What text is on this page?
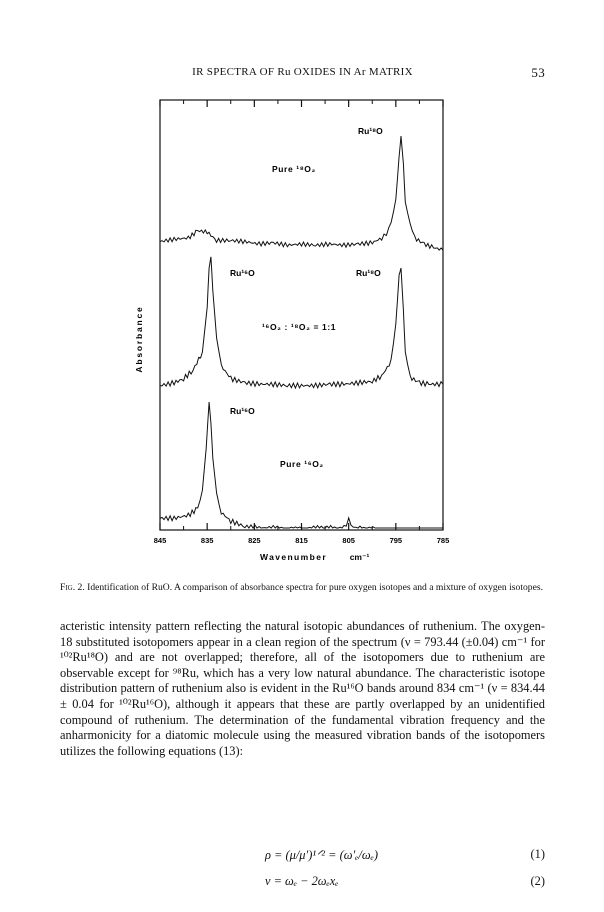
IR SPECTRA OF Ru OXIDES IN Ar MATRIX	53
845	835	825	815	805	795	785
Wavenumber	cm⁻¹
Absorbance
Pure ¹⁸O₂
Ru¹⁸O
¹⁶O₂ : ¹⁸O₂ = 1:1
Ru¹⁶O	Ru¹⁸O
Pure ¹⁶O₂
Ru¹⁶O
Fig. 2. Identification of RuO. A comparison of absorbance spectra for pure oxygen isotopes and a mixture of oxygen isotopes.

acteristic intensity pattern reflecting the natural isotopic abundances of ruthenium. The oxygen-18 substituted isotopomers appear in a clean region of the spectrum (ν = 793.44 (±0.04) cm⁻¹ for ¹⁰²Ru¹⁸O) and are not overlapped; therefore, all of the isotopomers due to ruthenium are observable except for ⁹⁸Ru, which has a very low natural abundance. The characteristic isotope distribution pattern of ruthenium also is evident in the Ru¹⁶O bands around 834 cm⁻¹ (ν = 834.44 ± 0.04 for ¹⁰²Ru¹⁶O), although it appears that these are partly overlapped by an unidentified compound of ruthenium. The determination of the fundamental vibration frequency and the anharmonicity for a diatomic molecule using the measured vibration bands of the isotopomers utilizes the following equations (13):

ρ = (μ/μ′)¹ᐟ² = (ω′ₑ/ωₑ)	(1)
ν = ωₑ − 2ωₑxₑ	(2)
